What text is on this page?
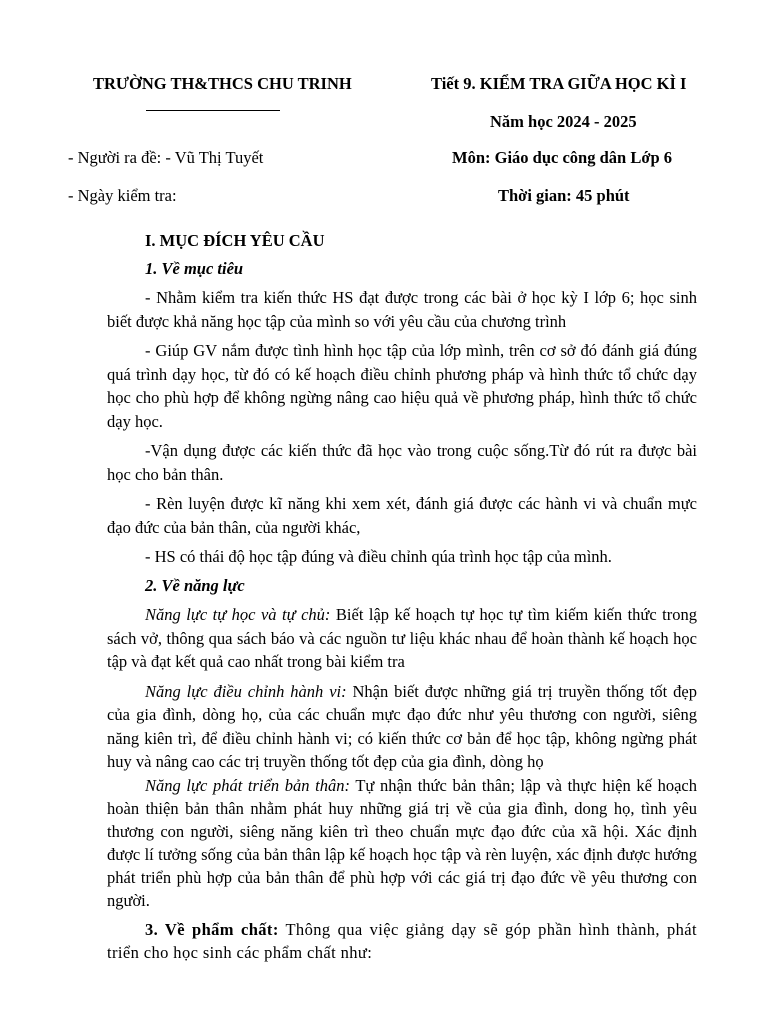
TRƯỜNG TH&THCS CHU TRINH	Tiết 9. KIỂM TRA GIỮA HỌC KÌ I
Năm học 2024 - 2025
- Người ra đề: - Vũ Thị Tuyết	Môn: Giáo dục công dân Lớp 6
- Ngày kiểm tra:	Thời gian: 45 phút

I. MỤC ĐÍCH YÊU CẦU

1. Về mục tiêu

- Nhằm kiểm tra kiến thức HS đạt được trong các bài ở học kỳ I lớp 6; học sinh biết được khả năng học tập của mình so với yêu cầu của chương trình

- Giúp GV nắm được tình hình học tập của lớp mình, trên cơ sở đó đánh giá đúng quá trình dạy học, từ đó có kế hoạch điều chỉnh phương pháp và hình thức tổ chức dạy học cho phù hợp để không ngừng nâng cao hiệu quả về phương pháp, hình thức tổ chức dạy học.

-Vận dụng được các kiến thức đã học vào trong cuộc sống.Từ đó rút ra được bài học cho bản thân.

- Rèn luyện được kĩ năng khi xem xét, đánh giá được các hành vi và chuẩn mực đạo đức của bản thân, của người khác,

- HS có thái độ học tập đúng và điều chỉnh qúa trình học tập của mình.

2. Về năng lực

Năng lực tự học và tự chủ: Biết lập kế hoạch tự học tự tìm kiếm kiến thức trong sách vở, thông qua sách báo và các nguồn tư liệu khác nhau để hoàn thành kế hoạch học tập và đạt kết quả cao nhất trong bài kiểm tra

Năng lực điều chỉnh hành vi: Nhận biết được những giá trị truyền thống tốt đẹp của gia đình, dòng họ, của các chuẩn mực đạo đức như yêu thương con người, siêng năng kiên trì, để điều chỉnh hành vi; có kiến thức cơ bản để học tập, không ngừng phát huy và nâng cao các trị truyền thống tốt đẹp của gia đình, dòng họ

Năng lực phát triển bản thân: Tự nhận thức bản thân; lập và thực hiện kế hoạch hoàn thiện bản thân nhằm phát huy những giá trị về của gia đình, dong họ, tình yêu thương con người, siêng năng kiên trì theo chuẩn mực đạo đức của xã hội. Xác định được lí tưởng sống của bản thân lập kế hoạch học tập và rèn luyện, xác định được hướng phát triển phù hợp của bản thân để phù hợp với các giá trị đạo đức về yêu thương con người.

3. Về phẩm chất: Thông qua việc giảng dạy sẽ góp phần hình thành, phát triển cho học sinh các phẩm chất như:
